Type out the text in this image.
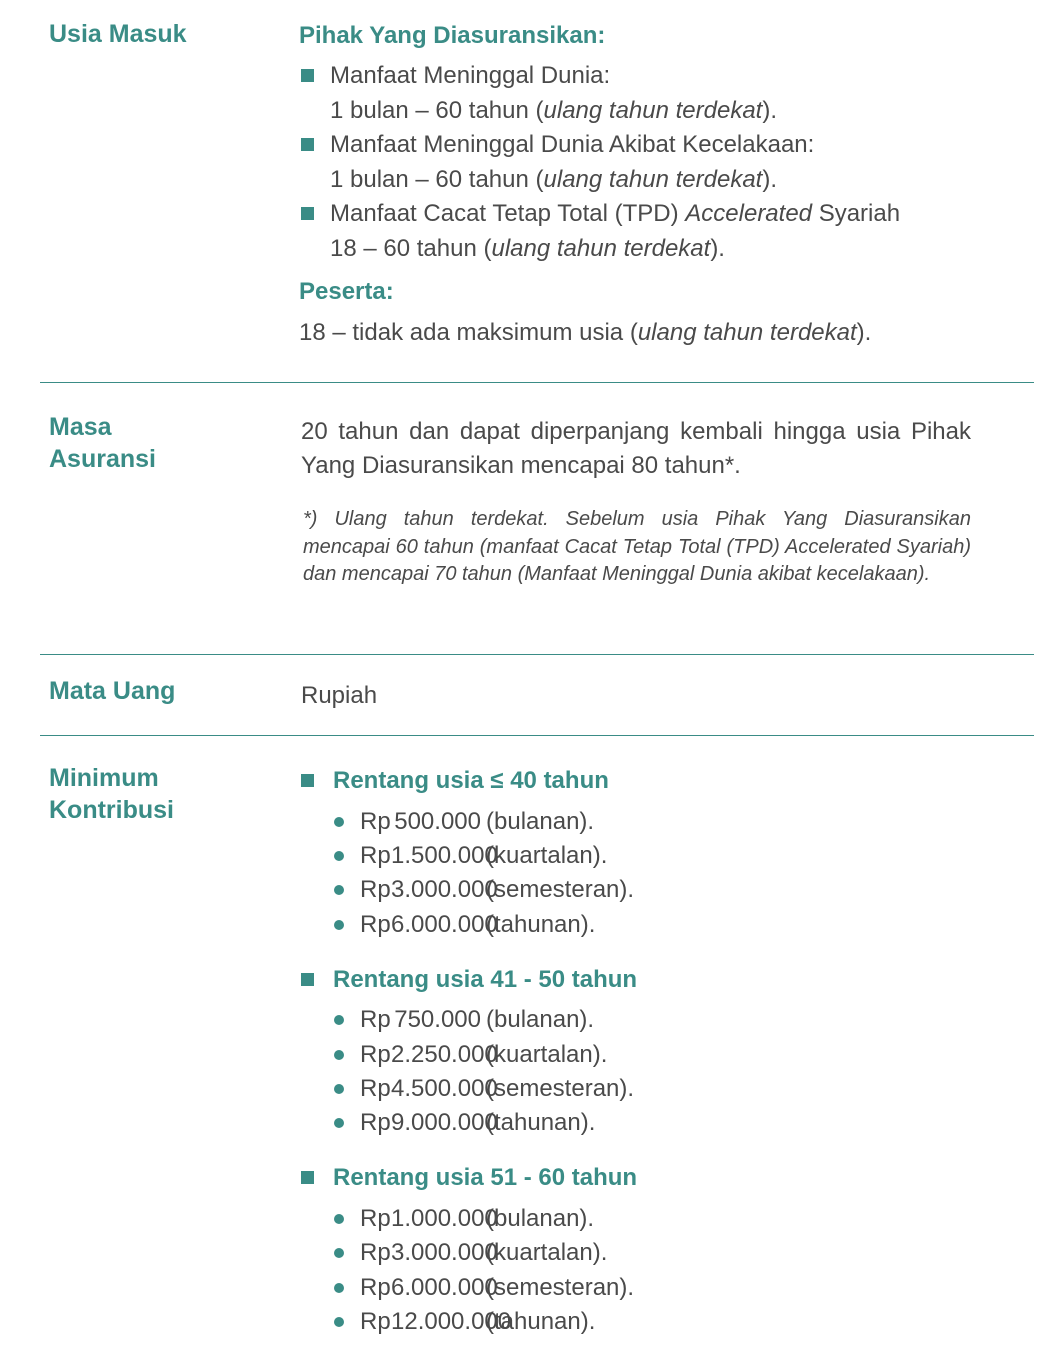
Usia Masuk	Pihak Yang Diasuransikan:
Manfaat Meninggal Dunia:
1 bulan – 60 tahun (ulang tahun terdekat).
Manfaat Meninggal Dunia Akibat Kecelakaan:
1 bulan – 60 tahun (ulang tahun terdekat).
Manfaat Cacat Tetap Total (TPD) Accelerated Syariah
18 – 60 tahun (ulang tahun terdekat).
Peserta:
18 – tidak ada maksimum usia (ulang tahun terdekat).
Masa
Asuransi
20 tahun dan dapat diperpanjang kembali hingga usia Pihak Yang Diasuransikan mencapai 80 tahun*.
*) Ulang tahun terdekat. Sebelum usia Pihak Yang Diasuransikan mencapai 60 tahun (manfaat Cacat Tetap Total (TPD) Accelerated Syariah) dan mencapai 70 tahun (Manfaat Meninggal Dunia akibat kecelakaan).
Mata Uang	Rupiah
Minimum
Kontribusi
Rentang usia ≤ 40 tahun
Rp 500.000 (bulanan).
Rp 1.500.000
(kuartalan).
Rp 3.000.000
(semesteran).
Rp 6.000.000
(tahunan).
Rentang usia 41 - 50 tahun
Rp 750.000 (bulanan).
Rp 2.250.000
(kuartalan).
Rp 4.500.000
(semesteran).
Rp 9.000.000
(tahunan).
Rentang usia 51 - 60 tahun
Rp 1.000.000
(bulanan).
Rp 3.000.000
(kuartalan).
Rp 6.000.000
(semesteran).
Rp 12.000.000
(tahunan).
